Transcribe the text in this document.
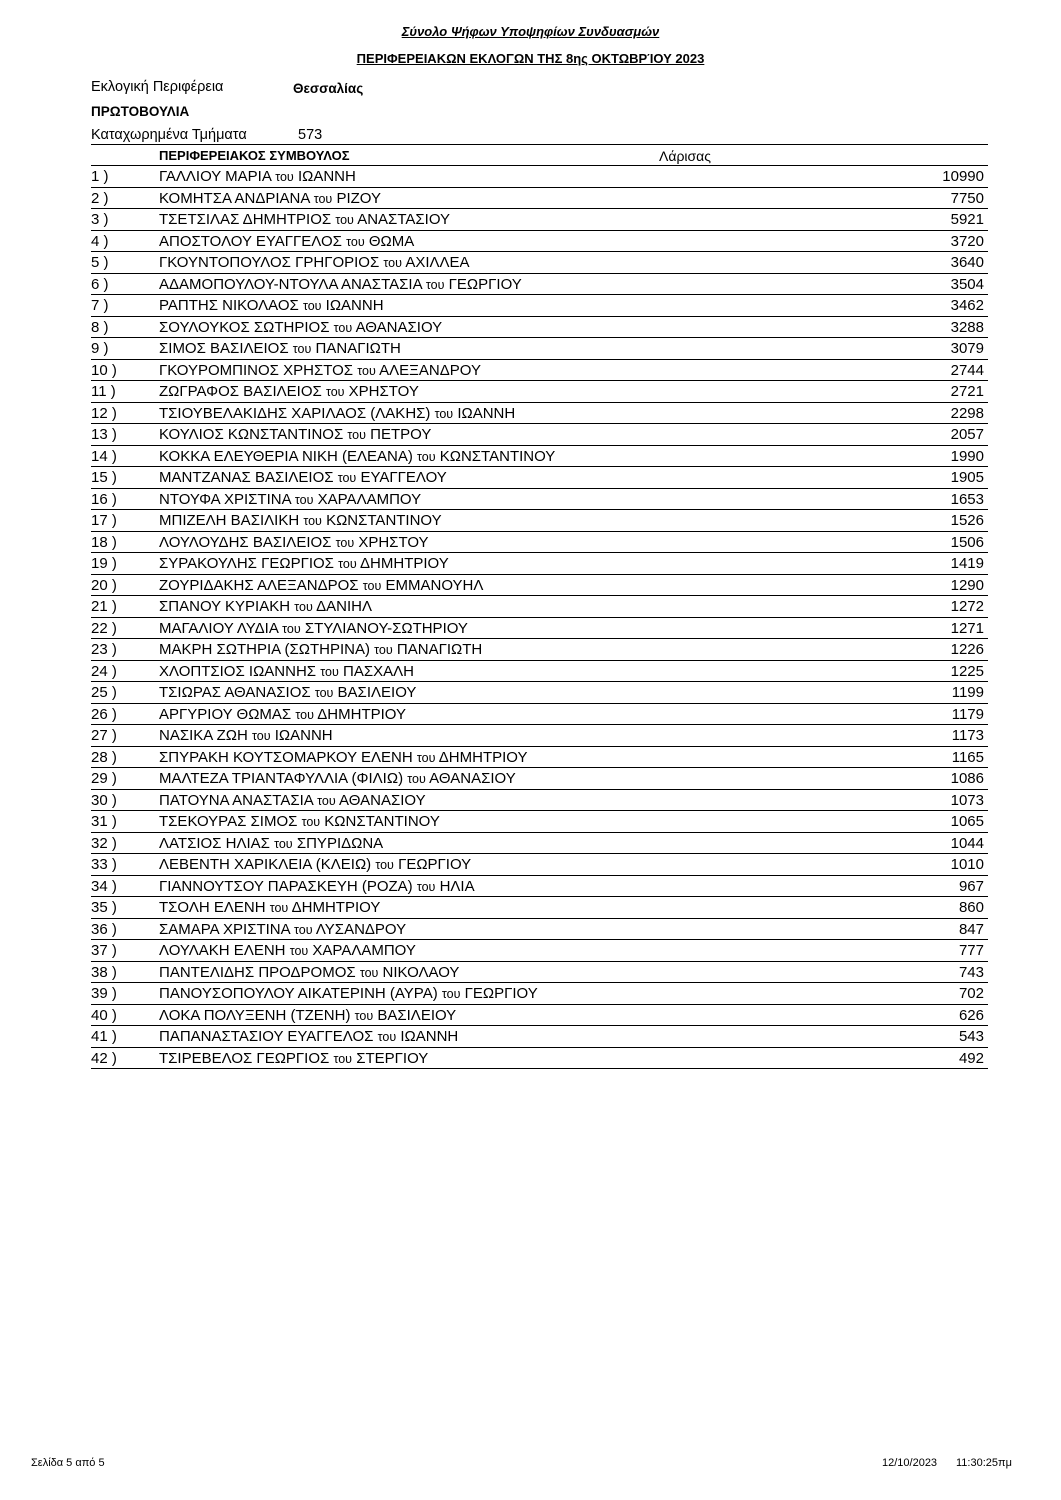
Σύνολο Ψήφων Υποψηφίων Συνδυασμών
ΠΕΡΙΦΕΡΕΙΑΚΩΝ ΕΚΛΟΓΩΝ ΤΗΣ 8ης ΟΚΤΩΒΡΊΟΥ 2023
Εκλογική Περιφέρεια	Θεσσαλίας
ΠΡΩΤΟΒΟΥΛΙΑ
Καταχωρημένα Τμήματα	573
ΠΕΡΙΦΕΡΕΙΑΚΟΣ ΣΥΜΒΟΥΛΟΣ	Λάρισας
1 )	ΓΑΛΛΙΟΥ ΜΑΡΙΑ του ΙΩΑΝΝΗ	10990
2 )	ΚΟΜΗΤΣΑ ΑΝΔΡΙΑΝΑ του ΡΙΖΟΥ	7750
3 )	ΤΣΕΤΣΙΛΑΣ ΔΗΜΗΤΡΙΟΣ του ΑΝΑΣΤΑΣΙΟΥ	5921
4 )	ΑΠΟΣΤΟΛΟΥ ΕΥΑΓΓΕΛΟΣ του ΘΩΜΑ	3720
5 )	ΓΚΟΥΝΤΟΠΟΥΛΟΣ ΓΡΗΓΟΡΙΟΣ του ΑΧΙΛΛΕΑ	3640
6 )	ΑΔΑΜΟΠΟΥΛΟΥ-ΝΤΟΥΛΑ ΑΝΑΣΤΑΣΙΑ του ΓΕΩΡΓΙΟΥ	3504
7 )	ΡΑΠΤΗΣ ΝΙΚΟΛΑΟΣ του ΙΩΑΝΝΗ	3462
8 )	ΣΟΥΛΟΥΚΟΣ ΣΩΤΗΡΙΟΣ του ΑΘΑΝΑΣΙΟΥ	3288
9 )	ΣΙΜΟΣ ΒΑΣΙΛΕΙΟΣ του ΠΑΝΑΓΙΩΤΗ	3079
10 )	ΓΚΟΥΡΟΜΠΙΝΟΣ ΧΡΗΣΤΟΣ του ΑΛΕΞΑΝΔΡΟΥ	2744
11 )	ΖΩΓΡΑΦΟΣ ΒΑΣΙΛΕΙΟΣ του ΧΡΗΣΤΟΥ	2721
12 )	ΤΣΙΟΥΒΕΛΑΚΙΔΗΣ ΧΑΡΙΛΑΟΣ (ΛΑΚΗΣ) του ΙΩΑΝΝΗ	2298
13 )	ΚΟΥΛΙΟΣ ΚΩΝΣΤΑΝΤΙΝΟΣ του ΠΕΤΡΟΥ	2057
14 )	ΚΟΚΚΑ ΕΛΕΥΘΕΡΙΑ ΝΙΚΗ (ΕΛΕΑΝΑ) του ΚΩΝΣΤΑΝΤΙΝΟΥ	1990
15 )	ΜΑΝΤΖΑΝΑΣ ΒΑΣΙΛΕΙΟΣ του ΕΥΑΓΓΕΛΟΥ	1905
16 )	ΝΤΟΥΦΑ ΧΡΙΣΤΙΝΑ του ΧΑΡΑΛΑΜΠΟΥ	1653
17 )	ΜΠΙΖΕΛΗ ΒΑΣΙΛΙΚΗ του ΚΩΝΣΤΑΝΤΙΝΟΥ	1526
18 )	ΛΟΥΛΟΥΔΗΣ ΒΑΣΙΛΕΙΟΣ του ΧΡΗΣΤΟΥ	1506
19 )	ΣΥΡΑΚΟΥΛΗΣ ΓΕΩΡΓΙΟΣ του ΔΗΜΗΤΡΙΟΥ	1419
20 )	ΖΟΥΡΙΔΑΚΗΣ ΑΛΕΞΑΝΔΡΟΣ του ΕΜΜΑΝΟΥΗΛ	1290
21 )	ΣΠΑΝΟΥ ΚΥΡΙΑΚΗ του ΔΑΝΙΗΛ	1272
22 )	ΜΑΓΑΛΙΟΥ ΛΥΔΙΑ του ΣΤΥΛΙΑΝΟΥ-ΣΩΤΗΡΙΟΥ	1271
23 )	ΜΑΚΡΗ ΣΩΤΗΡΙΑ (ΣΩΤΗΡΙΝΑ) του ΠΑΝΑΓΙΩΤΗ	1226
24 )	ΧΛΟΠΤΣΙΟΣ ΙΩΑΝΝΗΣ του ΠΑΣΧΑΛΗ	1225
25 )	ΤΣΙΩΡΑΣ ΑΘΑΝΑΣΙΟΣ του ΒΑΣΙΛΕΙΟΥ	1199
26 )	ΑΡΓΥΡΙΟΥ ΘΩΜΑΣ του ΔΗΜΗΤΡΙΟΥ	1179
27 )	ΝΑΣΙΚΑ ΖΩΗ του ΙΩΑΝΝΗ	1173
28 )	ΣΠΥΡΑΚΗ ΚΟΥΤΣΟΜΑΡΚΟΥ ΕΛΕΝΗ του ΔΗΜΗΤΡΙΟΥ	1165
29 )	ΜΑΛΤΕΖΑ ΤΡΙΑΝΤΑΦΥΛΛΙΑ (ΦΙΛΙΩ) του ΑΘΑΝΑΣΙΟΥ	1086
30 )	ΠΑΤΟΥΝΑ ΑΝΑΣΤΑΣΙΑ του ΑΘΑΝΑΣΙΟΥ	1073
31 )	ΤΣΕΚΟΥΡΑΣ ΣΙΜΟΣ του ΚΩΝΣΤΑΝΤΙΝΟΥ	1065
32 )	ΛΑΤΣΙΟΣ ΗΛΙΑΣ του ΣΠΥΡΙΔΩΝΑ	1044
33 )	ΛΕΒΕΝΤΗ ΧΑΡΙΚΛΕΙΑ (ΚΛΕΙΩ) του ΓΕΩΡΓΙΟΥ	1010
34 )	ΓΙΑΝΝΟΥΤΣΟΥ ΠΑΡΑΣΚΕΥΗ (ΡΟΖΑ) του ΗΛΙΑ	967
35 )	ΤΣΟΛΗ ΕΛΕΝΗ του ΔΗΜΗΤΡΙΟΥ	860
36 )	ΣΑΜΑΡΑ ΧΡΙΣΤΙΝΑ του ΛΥΣΑΝΔΡΟΥ	847
37 )	ΛΟΥΛΑΚΗ ΕΛΕΝΗ του ΧΑΡΑΛΑΜΠΟΥ	777
38 )	ΠΑΝΤΕΛΙΔΗΣ ΠΡΟΔΡΟΜΟΣ του ΝΙΚΟΛΑΟΥ	743
39 )	ΠΑΝΟΥΣΟΠΟΥΛΟΥ ΑΙΚΑΤΕΡΙΝΗ (ΑΥΡΑ) του ΓΕΩΡΓΙΟΥ	702
40 )	ΛΟΚΑ ΠΟΛΥΞΕΝΗ (ΤΖΕΝΗ) του ΒΑΣΙΛΕΙΟΥ	626
41 )	ΠΑΠΑΝΑΣΤΑΣΙΟΥ ΕΥΑΓΓΕΛΟΣ του ΙΩΑΝΝΗ	543
42 )	ΤΣΙΡΕΒΕΛΟΣ ΓΕΩΡΓΙΟΣ του ΣΤΕΡΓΙΟΥ	492
Σελίδα 5 από 5	12/10/2023 11:30:25πμ
